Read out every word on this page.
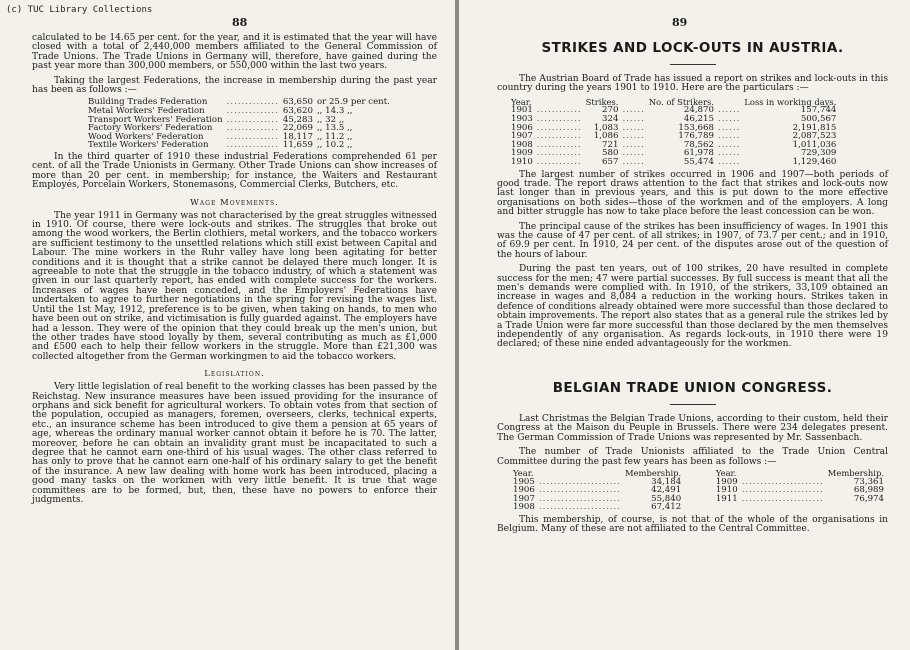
(c) TUC Library Collections
88

calculated to be 14.65 per cent. for the year, and it is estimated that the year will have closed with a total of 2,440,000 members affiliated to the General Commission of Trade Unions. The Trade Unions in Germany will, therefore, have gained during the past year more than 300,000 members, or 550,000 within the last two years.

Taking the largest Federations, the increase in membership during the past year has been as follows :—

Building Trades Federation	..............	63,650	or 25.9 per cent.
Metal Workers' Federation	..............	63,620	,, 14.3 ,,
Transport Workers' Federation	..............	45,283	,, 32 ,,
Factory Workers' Federation	..............	22,069	,, 13.5 ,,
Wood Workers' Federation	..............	18,117	,, 11.2 ,,
Textile Workers' Federation	..............	11,659	,, 10.2 ,,

In the third quarter of 1910 these industrial Federations comprehended 61 per cent. of all the Trade Unionists in Germany. Other Trade Unions can show increases of more than 20 per cent. in membership; for instance, the Waiters and Restaurant Employés, Porcelain Workers, Stonemasons, Commercial Clerks, Butchers, etc.

Wage Movements.

The year 1911 in Germany was not characterised by the great struggles witnessed in 1910. Of course, there were lock-outs and strikes. The struggles that broke out among the wood workers, the Berlin clothiers, metal workers, and the tobacco workers are sufficient testimony to the unsettled relations which still exist between Capital and Labour. The mine workers in the Ruhr valley have long been agitating for better conditions and it is thought that a strike cannot be delayed there much longer. It is agreeable to note that the struggle in the tobacco industry, of which a statement was given in our last quarterly report, has ended with complete success for the workers. Increases of wages have been conceded, and the Employers' Federations have undertaken to agree to further negotiations in the spring for revising the wages list. Until the 1st May, 1912, preference is to be given, when taking on hands, to men who have been out on strike, and victimisation is fully guarded against. The employers have had a lesson. They were of the opinion that they could break up the men's union, but the other trades have stood loyally by them, several contributing as much as £1,000 and £500 each to help their fellow workers in the struggle. More than £21,300 was collected altogether from the German workingmen to aid the tobacco workers.

Legislation.

Very little legislation of real benefit to the working classes has been passed by the Reichstag. New insurance measures have been issued providing for the insurance of orphans and sick benefit for agricultural workers. To obtain votes from that section of the population, occupied as managers, foremen, overseers, clerks, technical experts, etc., an insurance scheme has been introduced to give them a pension at 65 years of age, whereas the ordinary manual worker cannot obtain it before he is 70. The latter, moreover, before he can obtain an invalidity grant must be incapacitated to such a degree that he cannot earn one-third of his usual wages. The other class referred to has only to prove that he cannot earn one-half of his ordinary salary to get the benefit of the insurance. A new law dealing with home work has been introduced, placing a good many tasks on the workmen with very little benefit. It is true that wage committees are to be formed, but, then, these have no powers to enforce their judgments.

89
STRIKES AND LOCK-OUTS IN AUSTRIA.

The Austrian Board of Trade has issued a report on strikes and lock-outs in this country during the years 1901 to 1910. Here are the particulars :—

Year.		Strikes.		No. of Strikers.		Loss in working days.
1901	............	270	......	24,870	......	157,744
1903	............	324	......	46,215	......	500,567
1906	............	1,083	......	153,668	......	2,191,815
1907	............	1,086	......	176,789	......	2,087,523
1908	............	721	......	78,562	......	1,011,036
1909	............	580	......	61,978	......	729,309
1910	............	657	......	55,474	......	1,129,460

The largest number of strikes occurred in 1906 and 1907—both periods of good trade. The report draws attention to the fact that strikes and lock-outs now last longer than in previous years, and this is put down to the more effective organisations on both sides—those of the workmen and of the employers. A long and bitter struggle has now to take place before the least concession can be won.

The principal cause of the strikes has been insufficiency of wages. In 1901 this was the cause of 47 per cent. of all strikes; in 1907, of 73.7 per cent.; and in 1910, of 69.9 per cent. In 1910, 24 per cent. of the disputes arose out of the question of the hours of labour.

During the past ten years, out of 100 strikes, 20 have resulted in complete success for the men; 47 were partial successes. By full success is meant that all the men's demands were complied with. In 1910, of the strikers, 33,109 obtained an increase in wages and 8,084 a reduction in the working hours. Strikes taken in defence of conditions already obtained were more successful than those declared to obtain improvements. The report also states that as a general rule the strikes led by a Trade Union were far more successful than those declared by the men themselves independently of any organisation. As regards lock-outs, in 1910 there were 19 declared; of these nine ended advantageously for the workmen.

BELGIAN TRADE UNION CONGRESS.

Last Christmas the Belgian Trade Unions, according to their custom, held their Congress at the Maison du Peuple in Brussels. There were 234 delegates present. The German Commission of Trade Unions was represented by Mr. Sassenbach.

The number of Trade Unionists affiliated to the Trade Union Central Committee during the past few years has been as follows :—

Year.		Membership.		Year.		Membership.
1905	......................	34,184		1909	......................	73,361
1906	......................	42,491		1910	......................	68,989
1907	......................	55,840		1911	......................	76,974
1908	......................	67,412				

This membership, of course, is not that of the whole of the organisations in Belgium. Many of these are not affiliated to the Central Committee.
